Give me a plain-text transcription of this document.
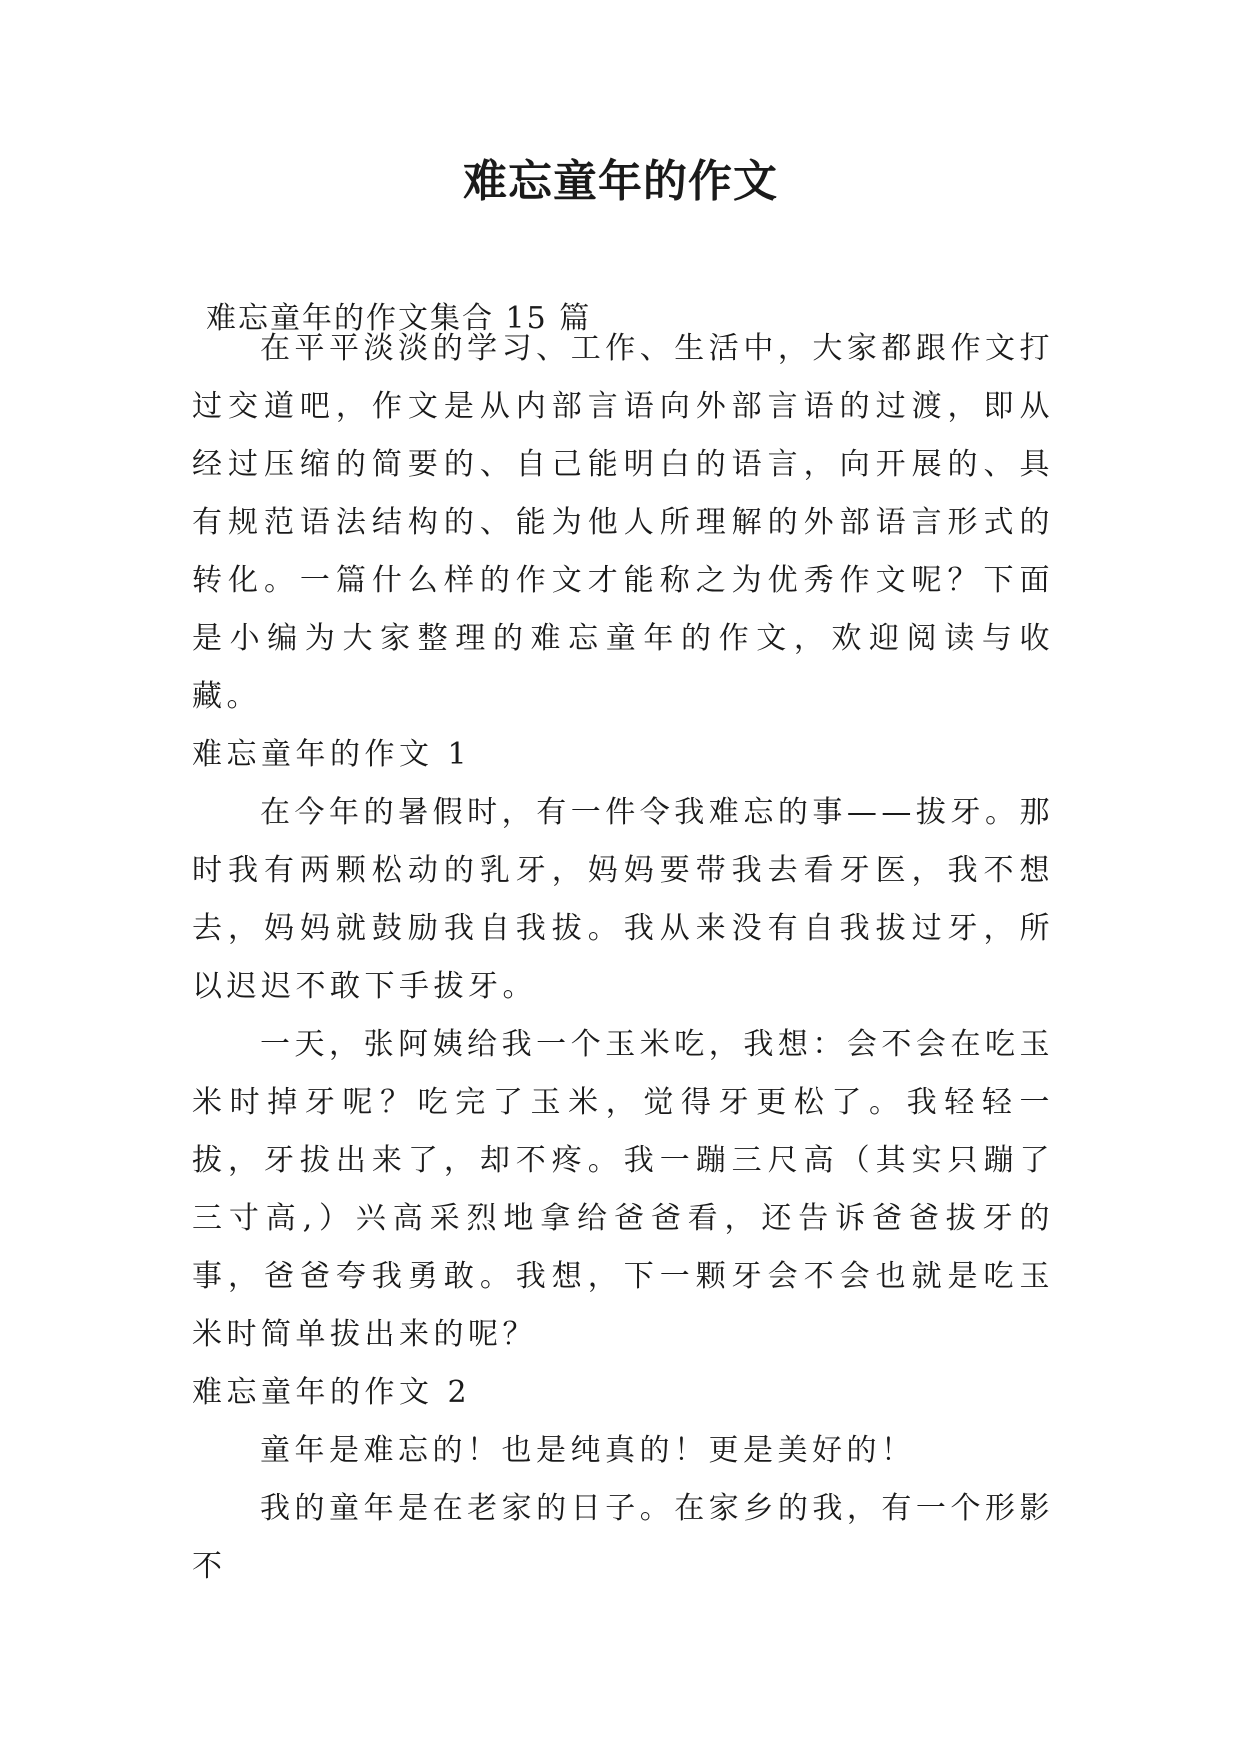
难忘童年的作文
难忘童年的作文集合 15 篇

在平平淡淡的学习、工作、生活中，大家都跟作文打过交道吧，作文是从内部言语向外部言语的过渡，即从经过压缩的简要的、自己能明白的语言，向开展的、具有规范语法结构的、能为他人所理解的外部语言形式的转化。一篇什么样的作文才能称之为优秀作文呢？下面是小编为大家整理的难忘童年的作文，欢迎阅读与收藏。

难忘童年的作文 1

在今年的暑假时，有一件令我难忘的事——拔牙。那时我有两颗松动的乳牙，妈妈要带我去看牙医，我不想去，妈妈就鼓励我自我拔。我从来没有自我拔过牙，所以迟迟不敢下手拔牙。

一天，张阿姨给我一个玉米吃，我想：会不会在吃玉米时掉牙呢？吃完了玉米，觉得牙更松了。我轻轻一拔，牙拔出来了，却不疼。我一蹦三尺高（其实只蹦了三寸高,）兴高采烈地拿给爸爸看，还告诉爸爸拔牙的事，爸爸夸我勇敢。我想，下一颗牙会不会也就是吃玉米时简单拔出来的呢？

难忘童年的作文 2

童年是难忘的！也是纯真的！更是美好的！

我的童年是在老家的日子。在家乡的我，有一个形影不
